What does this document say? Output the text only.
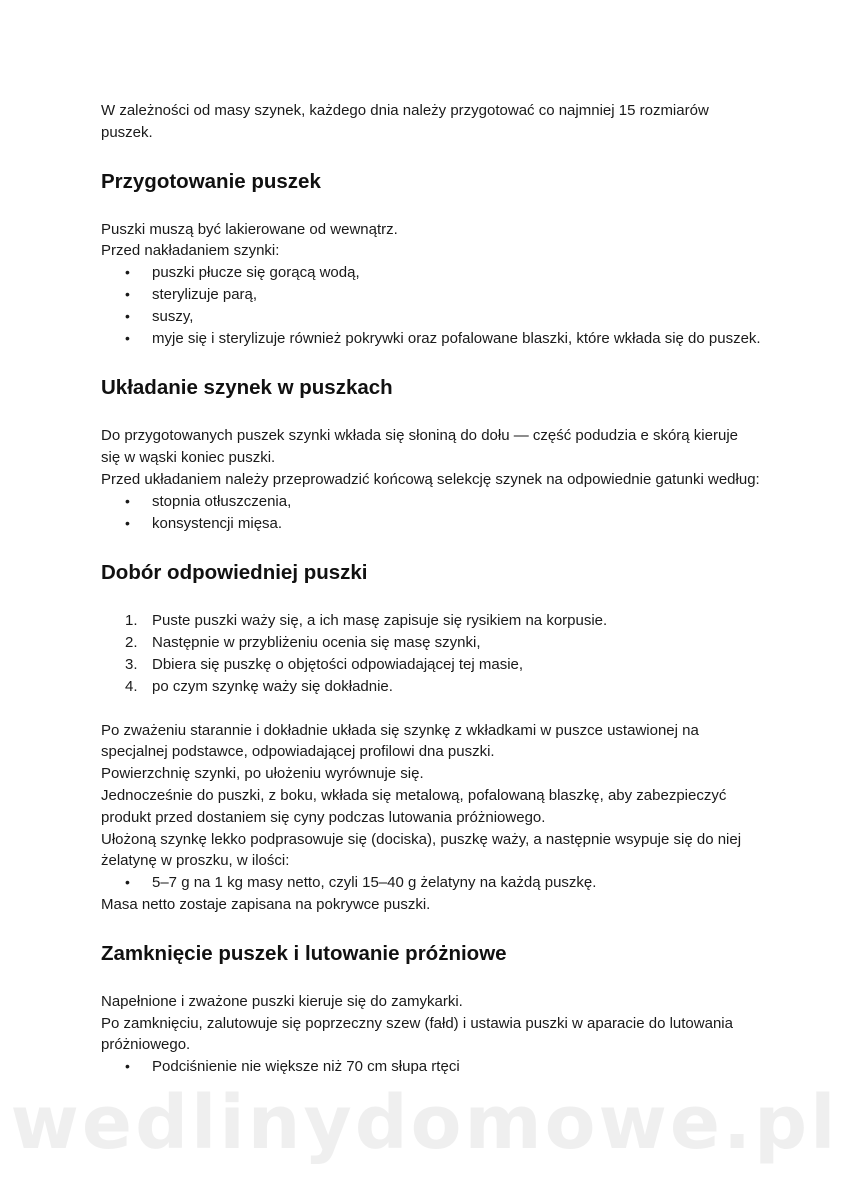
W zależności od masy szynek, każdego dnia należy przygotować co najmniej 15 rozmiarów puszek.

Przygotowanie puszek

Puszki muszą być lakierowane od wewnątrz.

Przed nakładaniem szynki:

• puszki płucze się gorącą wodą,
• sterylizuje parą,
• suszy,
• myje się i sterylizuje również pokrywki oraz pofalowane blaszki, które wkłada się do puszek.
Układanie szynek w puszkach

Do przygotowanych puszek szynki wkłada się słoniną do dołu — część podudzia e skórą kieruje się w wąski koniec puszki.

Przed układaniem należy przeprowadzić końcową selekcję szynek na odpowiednie gatunki według:

• stopnia otłuszczenia,
• konsystencji mięsa.
Dobór odpowiedniej puszki
1. Puste puszki waży się, a ich masę zapisuje się rysikiem na korpusie.
2. Następnie w przybliżeniu ocenia się masę szynki,
3. Dbiera się puszkę o objętości odpowiadającej tej masie,
4. po czym szynkę waży się dokładnie.

Po zważeniu starannie i dokładnie układa się szynkę z wkładkami w puszce ustawionej na specjalnej podstawce, odpowiadającej profilowi dna puszki.

Powierzchnię szynki, po ułożeniu wyrównuje się.

Jednocześnie do puszki, z boku, wkłada się metalową, pofalowaną blaszkę, aby zabezpieczyć produkt przed dostaniem się cyny podczas lutowania próżniowego.

Ułożoną szynkę lekko podprasowuje się (dociska), puszkę waży, a następnie wsypuje się do niej żelatynę w proszku, w ilości:

• 5–7 g na 1 kg masy netto, czyli 15–40 g żelatyny na każdą puszkę.

Masa netto zostaje zapisana na pokrywce puszki.

Zamknięcie puszek i lutowanie próżniowe

Napełnione i zważone puszki kieruje się do zamykarki.

Po zamknięciu, zalutowuje się poprzeczny szew (fałd) i ustawia puszki w aparacie do lutowania próżniowego.

• Podciśnienie nie większe niż 70 cm słupa rtęci
wedlinydomowe.pl
